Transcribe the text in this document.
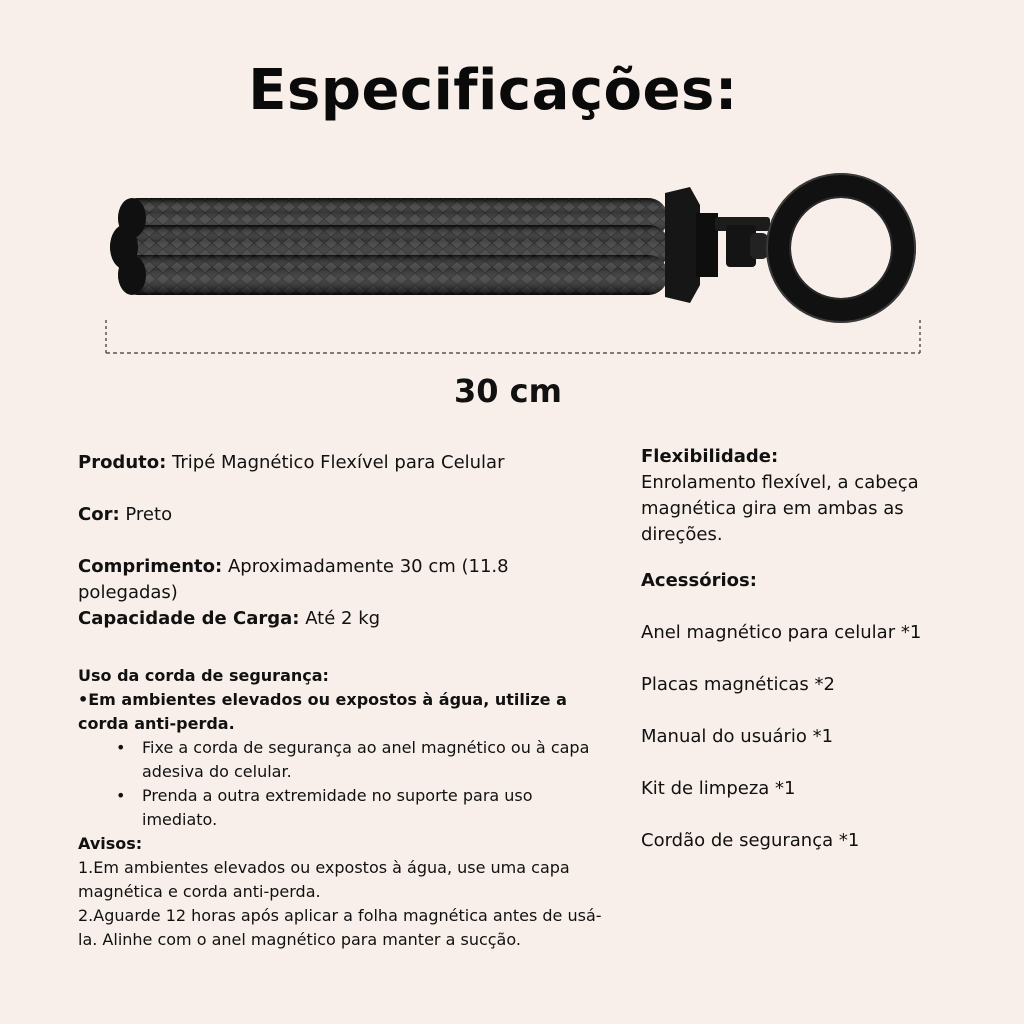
Especificações:
30 cm

Produto: Tripé Magnético Flexível para Celular

Cor: Preto

Comprimento: Aproximadamente 30 cm (11.8 polegadas)

Capacidade de Carga: Até 2 kg

Uso da corda de segurança:
•Em ambientes elevados ou expostos à água, utilize a corda anti-perda.
• Fixe a corda de segurança ao anel magnético ou à capa adesiva do celular.
• Prenda a outra extremidade no suporte para uso imediato.
Avisos:
1.Em ambientes elevados ou expostos à água, use uma capa magnética e corda anti-perda.
2.Aguarde 12 horas após aplicar a folha magnética antes de usá-la. Alinhe com o anel magnético para manter a sucção.
Flexibilidade:
Enrolamento flexível, a cabeça magnética gira em ambas as direções.
Acessórios:
Anel magnético para celular *1
Placas magnéticas *2
Manual do usuário *1
Kit de limpeza *1
Cordão de segurança *1
